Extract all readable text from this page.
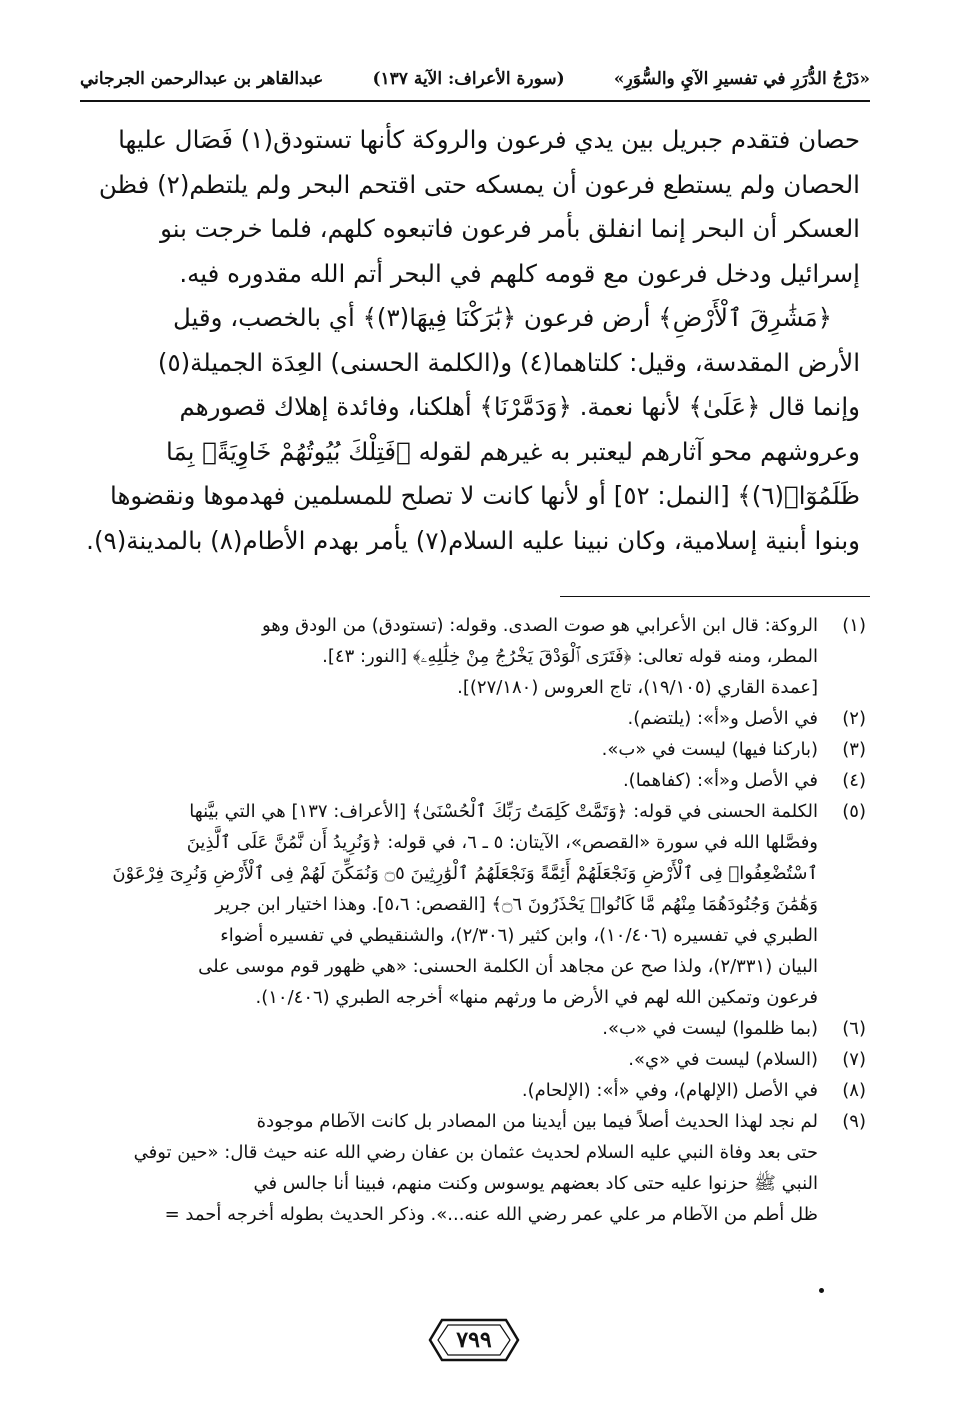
«دَرْجُ الدُّرَرِ في تفسيرِ الآيِ والسُّوَرِ»
(سورة الأعراف: الآية ١٣٧)
عبدالقاهر بن عبدالرحمن الجرجاني

حصان فتقدم جبريل بين يدي فرعون والروكة كأنها تستودق(١) فَصَال عليها

الحصان ولم يستطع فرعون أن يمسكه حتى اقتحم البحر ولم يلتطم(٢) فظن

العسكر أن البحر إنما انفلق بأمر فرعون فاتبعوه كلهم، فلما خرجت بنو

إسرائيل ودخل فرعون مع قومه كلهم في البحر أتم الله مقدوره فيه.

﴿مَشَٰرِقَ ٱلْأَرْضِ﴾ أرض فرعون ﴿بَٰرَكْنَا فِيهَا(٣)﴾ أي بالخصب، وقيل

الأرض المقدسة، وقيل: كلتاهما(٤) و(الكلمة الحسنى) العِدَة الجميلة(٥)

وإنما قال ﴿عَلَىٰ﴾ لأنها نعمة. ﴿وَدَمَّرْنَا﴾ أهلكنا، وفائدة إهلاك قصورهم

وعروشهم محو آثارهم ليعتبر به غيرهم لقوله ﴿فَتِلْكَ بُيُوتُهُمْ خَاوِيَةًۢ بِمَا

ظَلَمُوٓا۟(٦)﴾ [النمل: ٥٢] أو لأنها كانت لا تصلح للمسلمين فهدموها ونقضوها

وبنوا أبنية إسلامية، وكان نبينا عليه السلام(٧) يأمر بهدم الأطام(٨) بالمدينة(٩).

(١)
الروكة: قال ابن الأعرابي هو صوت الصدى. وقوله: (تستودق) من الودق وهو
المطر، ومنه قوله تعالى: ﴿فَتَرَى ٱلْوَدْقَ يَخْرُجُ مِنْ خِلَٰلِهِۦ﴾ [النور: ٤٣].
[عمدة القاري (١٩/١٠٥)، تاج العروس (٢٧/١٨٠)].
(٢)
في الأصل و«أ»: (يلتضم).
(٣)
(باركنا فيها) ليست في «ب».
(٤)
في الأصل و«أ»: (كفاهما).
(٥)
الكلمة الحسنى في قوله: ﴿وَتَمَّتْ كَلِمَتُ رَبِّكَ ٱلْحُسْنَىٰ﴾ [الأعراف: ١٣٧] هي التي بيَّنها
وفصَّلها الله في سورة «القصص»، الآيتان: ٥ ـ ٦، في قوله: ﴿وَنُرِيدُ أَن نَّمُنَّ عَلَى ٱلَّذِينَ
ٱسْتُضْعِفُوا۟ فِى ٱلْأَرْضِ وَنَجْعَلَهُمْ أَئِمَّةً وَنَجْعَلَهُمُ ٱلْوَٰرِثِينَ ۝٥ وَنُمَكِّنَ لَهُمْ فِى ٱلْأَرْضِ وَنُرِىَ فِرْعَوْنَ
وَهَٰمَٰنَ وَجُنُودَهُمَا مِنْهُم مَّا كَانُوا۟ يَحْذَرُونَ ۝٦﴾ [القصص: ٥،٦]. وهذا اختيار ابن جرير
الطبري في تفسيره (١٠/٤٠٦)، وابن كثير (٢/٣٠٦)، والشنقيطي في تفسيره أضواء
البيان (٢/٣٣١)، ولذا صح عن مجاهد أن الكلمة الحسنى: «هي ظهور قوم موسى على
فرعون وتمكين الله لهم في الأرض ما ورثهم منها» أخرجه الطبري (١٠/٤٠٦).
(٦)
(بما ظلموا) ليست في «ب».
(٧)
(السلام) ليست في «ي».
(٨)
في الأصل (الإلهام)، وفي «أ»: (الإلحام).
(٩)
لم نجد لهذا الحديث أصلاً فيما بين أيدينا من المصادر بل كانت الآطام موجودة
حتى بعد وفاة النبي عليه السلام لحديث عثمان بن عفان رضي الله عنه حيث قال: «حين توفي
النبي ﷺ حزنوا عليه حتى كاد بعضهم يوسوس وكنت منهم، فبينا أنا جالس في
ظل أطم من الآطام مر علي عمر رضي الله عنه...». وذكر الحديث بطوله أخرجه أحمد =
٧٩٩
